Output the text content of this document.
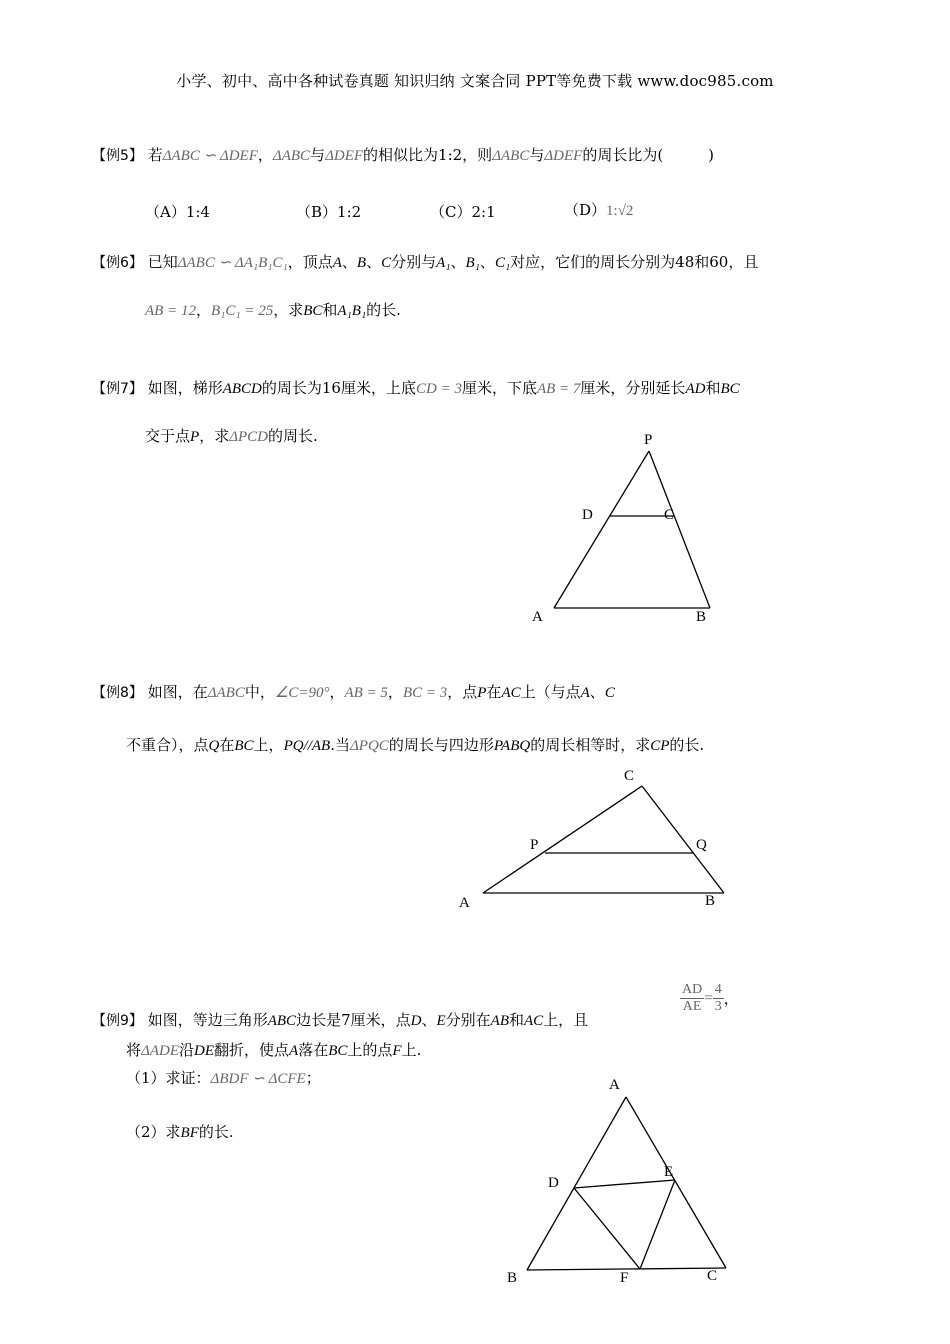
小学、初中、高中各种试卷真题 知识归纳 文案合同 PPT等免费下载 www.doc985.com
【例5】 若ΔABC ∽ ΔDEF，ΔABC与ΔDEF的相似比为1:2，则ΔABC与ΔDEF的周长比为(　　　)
（A）1:4	（B）1:2	（C）2:1	（D）1:√2
【例6】 已知ΔABC ∽ ΔA₁B₁C₁，顶点A、B、C分别与A₁、B₁、C₁对应，它们的周长分别为48和60，且
AB = 12，B₁C₁ = 25，求BC和A₁B₁的长.
【例7】 如图，梯形ABCD的周长为16厘米，上底CD = 3厘米，下底AB = 7厘米，分别延长AD和BC
交于点P，求ΔPCD的周长.
【例8】 如图，在ΔABC中，∠C=90°，AB = 5，BC = 3，点P在AC上（与点A、C
不重合），点Q在BC上，PQ//AB.当ΔPQC的周长与四边形PABQ的周长相等时，求CP的长.
$\frac{AD}{AE} = \frac{4}{3}$ ，
【例9】 如图，等边三角形ABC边长是7厘米，点D、E分别在AB和AC上，且
将ΔADE沿DE翻折，使点A落在BC上的点F上.
（1）求证：ΔBDF ∽ ΔCFE；
（2）求BF的长.
P
D	C
A	B
C
P	Q
A	B
A
D
E
B	F	C
